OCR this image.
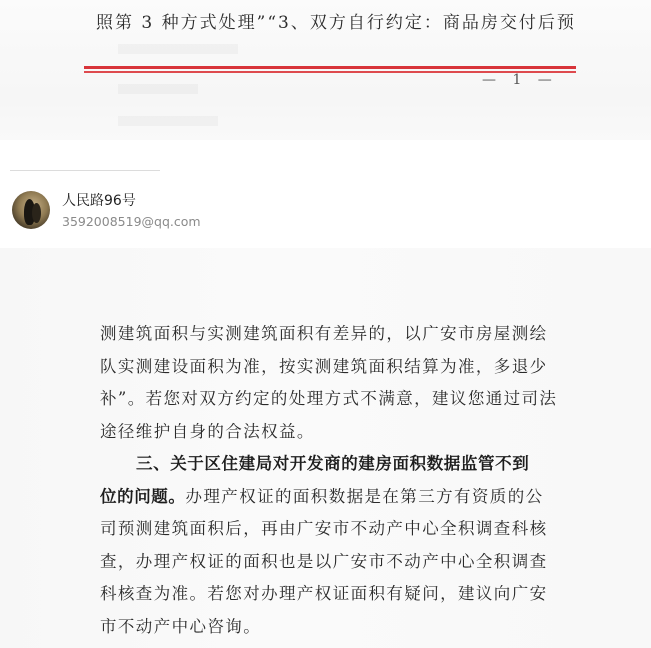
照第 3 种方式处理”“3、双方自行约定：商品房交付后预
— 1 —
人民路96号
3592008519@qq.com
测建筑面积与实测建筑面积有差异的，以广安市房屋测绘
队实测建设面积为准，按实测建筑面积结算为准，多退少
补”。若您对双方约定的处理方式不满意，建议您通过司法
途径维护自身的合法权益。
三、关于区住建局对开发商的建房面积数据监管不到
位的问题。办理产权证的面积数据是在第三方有资质的公
司预测建筑面积后，再由广安市不动产中心全积调查科核
查，办理产权证的面积也是以广安市不动产中心全积调查
科核查为准。若您对办理产权证面积有疑问，建议向广安
市不动产中心咨询。
